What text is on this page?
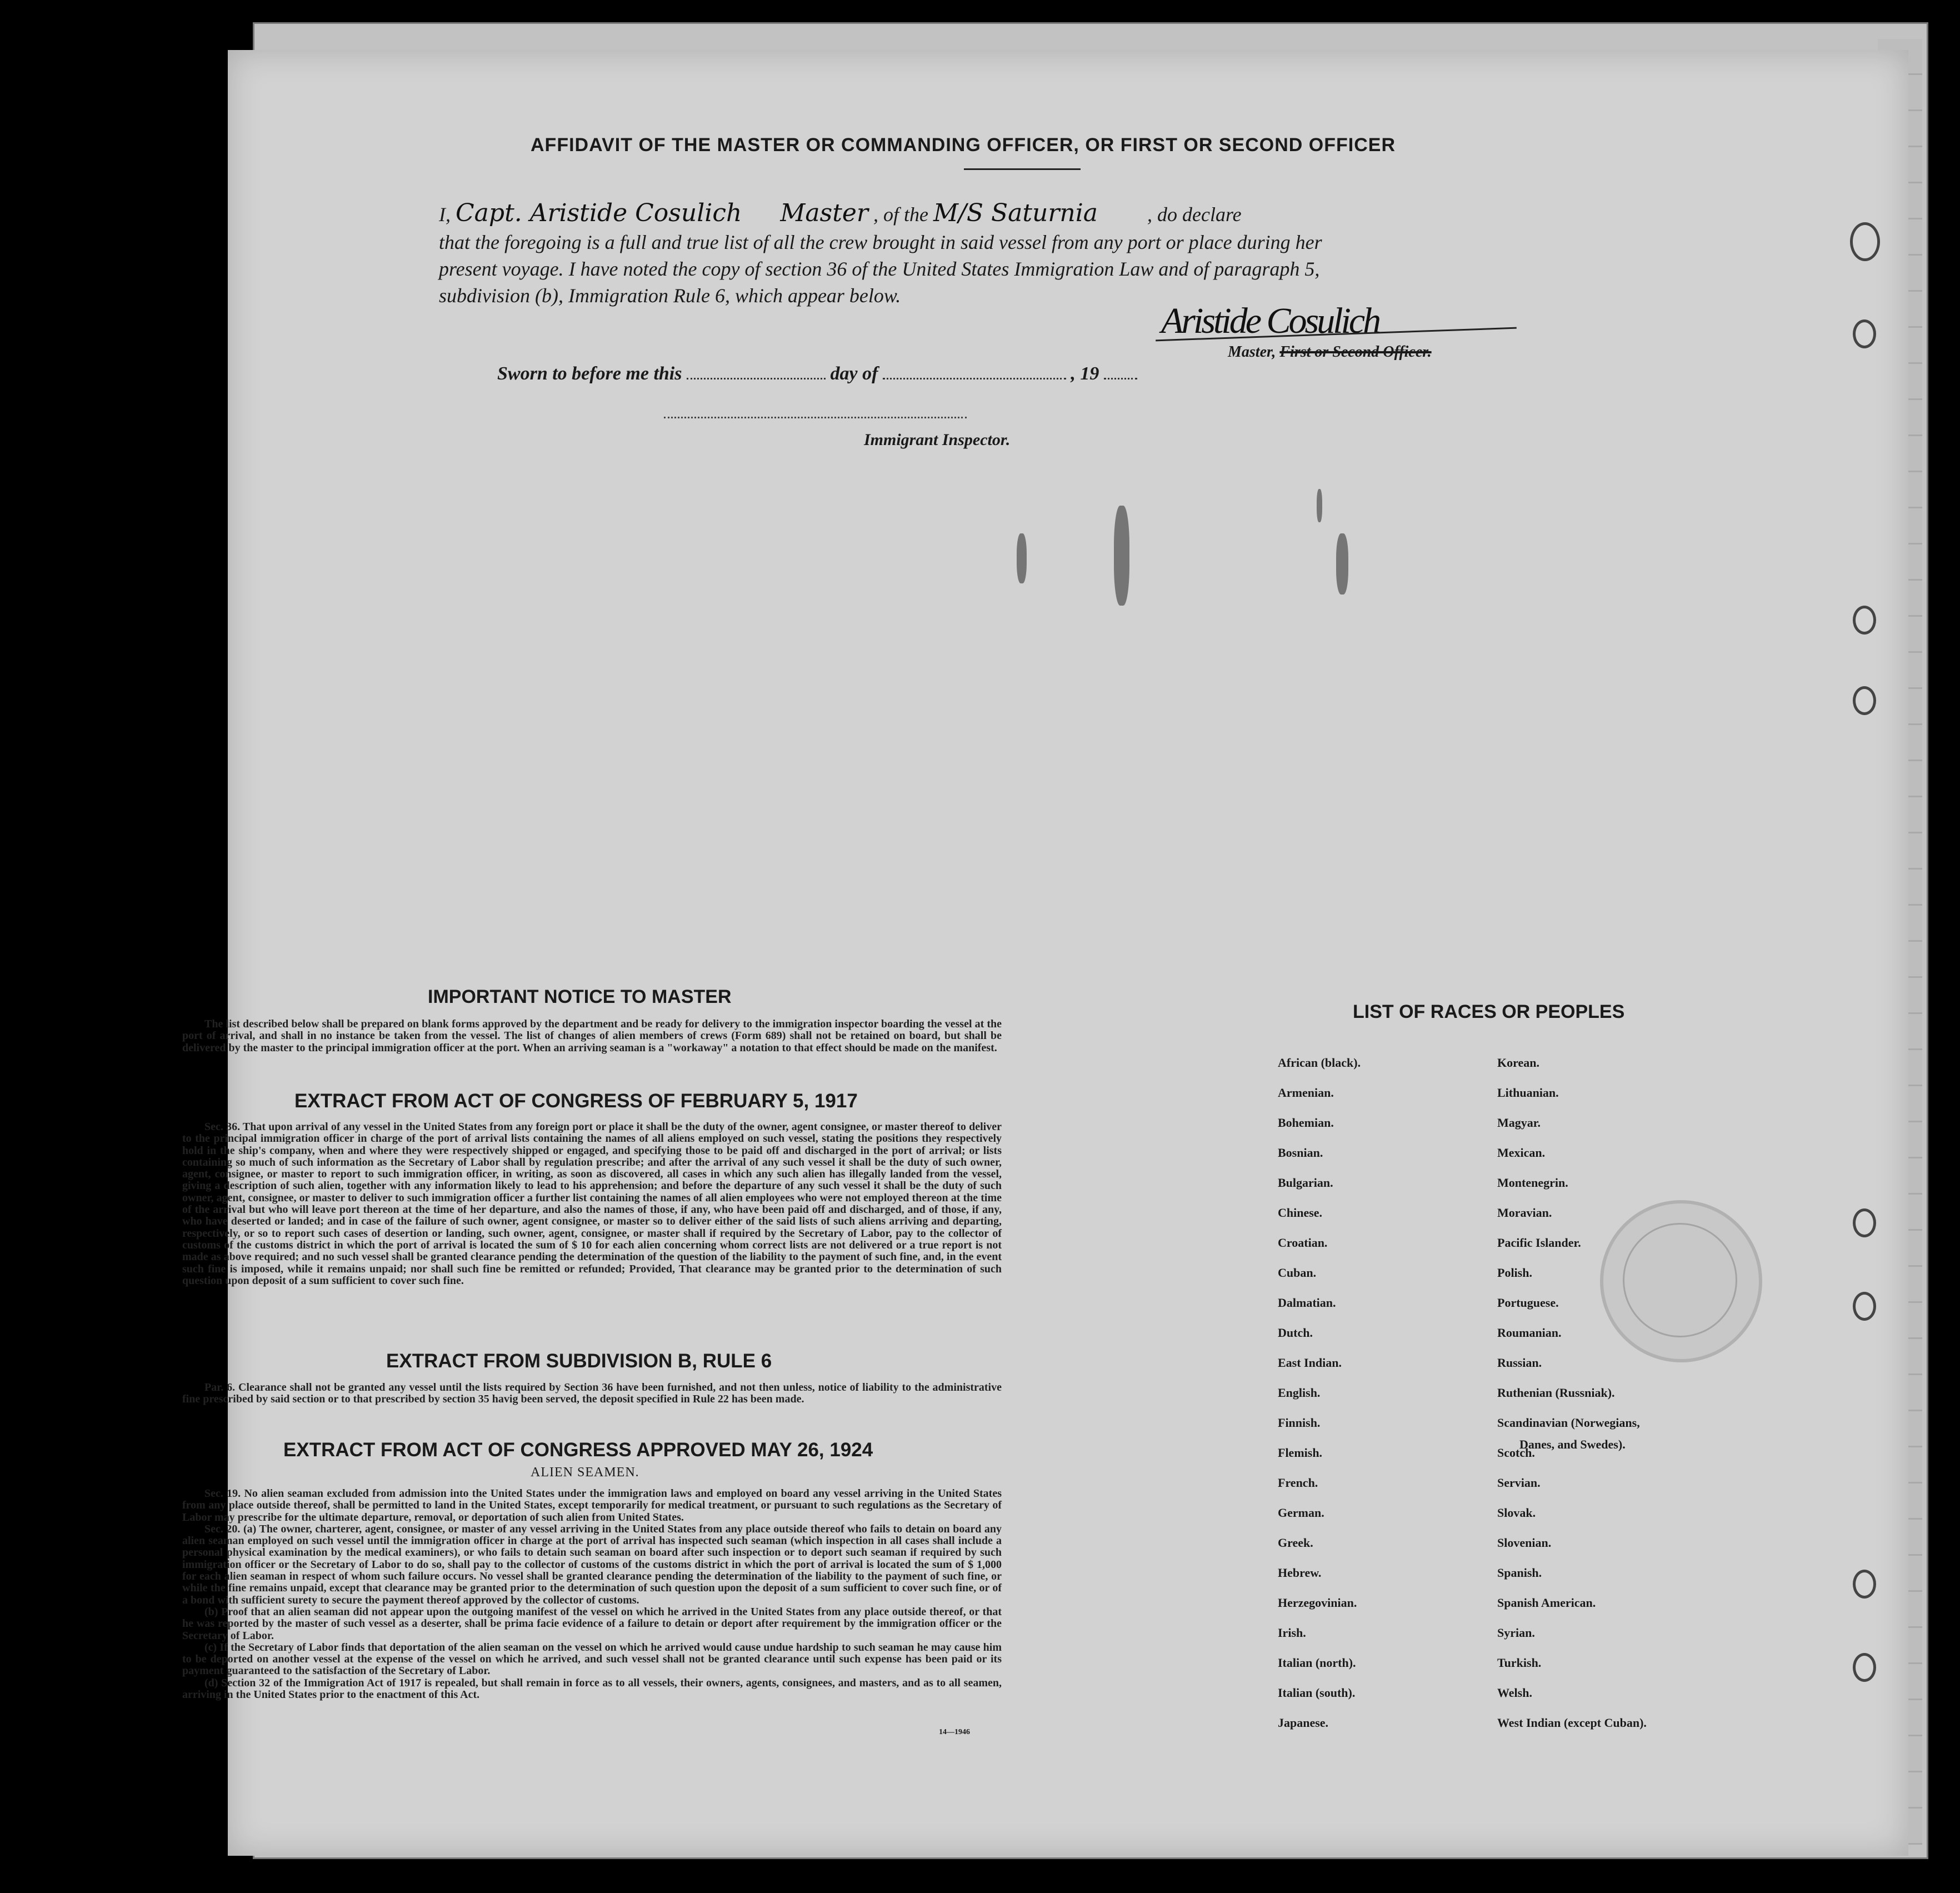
AFFIDAVIT OF THE MASTER OR COMMANDING OFFICER, OR FIRST OR SECOND OFFICER
I, Capt. Aristide Cosulich Master , of the M/S Saturnia , do declare
that the foregoing is a full and true list of all the crew brought in said vessel from any port or place during her
present voyage. I have noted the copy of section 36 of the United States Immigration Law and of paragraph 5,
subdivision (b), Immigration Rule 6, which appear below.
Aristide Cosulich
Master, First or Second Officer.
Sworn to before me this	day of	, 19
Immigrant Inspector.
IMPORTANT NOTICE TO MASTER

The list described below shall be prepared on blank forms approved by the department and be ready for delivery to the immigration inspector boarding the vessel at the port of arrival, and shall in no instance be taken from the vessel. The list of changes of alien members of crews (Form 689) shall not be retained on board, but shall be delivered by the master to the principal immigration officer at the port. When an arriving seaman is a "workaway" a notation to that effect should be made on the manifest.

EXTRACT FROM ACT OF CONGRESS OF FEBRUARY 5, 1917

Sec. 36. That upon arrival of any vessel in the United States from any foreign port or place it shall be the duty of the owner, agent consignee, or master thereof to deliver to the principal immigration officer in charge of the port of arrival lists containing the names of all aliens employed on such vessel, stating the positions they respectively hold in the ship's company, when and where they were respectively shipped or engaged, and specifying those to be paid off and discharged in the port of arrival; or lists containing so much of such information as the Secretary of Labor shall by regulation prescribe; and after the arrival of any such vessel it shall be the duty of such owner, agent, consignee, or master to report to such immigration officer, in writing, as soon as discovered, all cases in which any such alien has illegally landed from the vessel, giving a description of such alien, together with any information likely to lead to his apprehension; and before the departure of any such vessel it shall be the duty of such owner, agent, consignee, or master to deliver to such immigration officer a further list containing the names of all alien employees who were not employed thereon at the time of the arrival but who will leave port thereon at the time of her departure, and also the names of those, if any, who have been paid off and discharged, and of those, if any, who have deserted or landed; and in case of the failure of such owner, agent consignee, or master so to deliver either of the said lists of such aliens arriving and departing, respectively, or so to report such cases of desertion or landing, such owner, agent, consignee, or master shall if required by the Secretary of Labor, pay to the collector of customs of the customs district in which the port of arrival is located the sum of $ 10 for each alien concerning whom correct lists are not delivered or a true report is not made as above required; and no such vessel shall be granted clearance pending the determination of the question of the liability to the payment of such fine, and, in the event such fine is imposed, while it remains unpaid; nor shall such fine be remitted or refunded; Provided, That clearance may be granted prior to the determination of such question upon deposit of a sum sufficient to cover such fine.

EXTRACT FROM SUBDIVISION B, RULE 6

Par. 6. Clearance shall not be granted any vessel until the lists required by Section 36 have been furnished, and not then unless, notice of liability to the administrative fine prescribed by said section or to that prescribed by section 35 havig been served, the deposit specified in Rule 22 has been made.

EXTRACT FROM ACT OF CONGRESS APPROVED MAY 26, 1924
ALIEN SEAMEN.

Sec. 19. No alien seaman excluded from admission into the United States under the immigration laws and employed on board any vessel arriving in the United States from any place outside thereof, shall be permitted to land in the United States, except temporarily for medical treatment, or pursuant to such regulations as the Secretary of Labor may prescribe for the ultimate departure, removal, or deportation of such alien from United States.

Sec. 20. (a) The owner, charterer, agent, consignee, or master of any vessel arriving in the United States from any place outside thereof who fails to detain on board any alien seaman employed on such vessel until the immigration officer in charge at the port of arrival has inspected such seaman (which inspection in all cases shall include a personal physical examination by the medical examiners), or who fails to detain such seaman on board after such inspection or to deport such seaman if required by such immigration officer or the Secretary of Labor to do so, shall pay to the collector of customs of the customs district in which the port of arrival is located the sum of $ 1,000 for each alien seaman in respect of whom such failure occurs. No vessel shall be granted clearance pending the determination of the liability to the payment of such fine, or while the fine remains unpaid, except that clearance may be granted prior to the determination of such question upon the deposit of a sum sufficient to cover such fine, or of a bond with sufficient surety to secure the payment thereof approved by the collector of customs.

(b) Proof that an alien seaman did not appear upon the outgoing manifest of the vessel on which he arrived in the United States from any place outside thereof, or that he was reported by the master of such vessel as a deserter, shall be prima facie evidence of a failure to detain or deport after requirement by the immigration officer or the Secretary of Labor.

(c) If the Secretary of Labor finds that deportation of the alien seaman on the vessel on which he arrived would cause undue hardship to such seaman he may cause him to be deported on another vessel at the expense of the vessel on which he arrived, and such vessel shall not be granted clearance until such expense has been paid or its payment guaranteed to the satisfaction of the Secretary of Labor.

(d) Section 32 of the Immigration Act of 1917 is repealed, but shall remain in force as to all vessels, their owners, agents, consignees, and masters, and as to all seamen, arriving in the United States prior to the enactment of this Act.

14—1946
LIST OF RACES OR PEOPLES
African (black).
Armenian.
Bohemian.
Bosnian.
Bulgarian.
Chinese.
Croatian.
Cuban.
Dalmatian.
Dutch.
East Indian.
English.
Finnish.
Flemish.
French.
German.
Greek.
Hebrew.
Herzegovinian.
Irish.
Italian (north).
Italian (south).
Japanese.
Korean.
Lithuanian.
Magyar.
Mexican.
Montenegrin.
Moravian.
Pacific Islander.
Polish.
Portuguese.
Roumanian.
Russian.
Ruthenian (Russniak).
Scandinavian (Norwegians,
Scotch.
Servian.
Slovak.
Slovenian.
Spanish.
Spanish American.
Syrian.
Turkish.
Welsh.
West Indian (except Cuban).
Danes, and Swedes).
